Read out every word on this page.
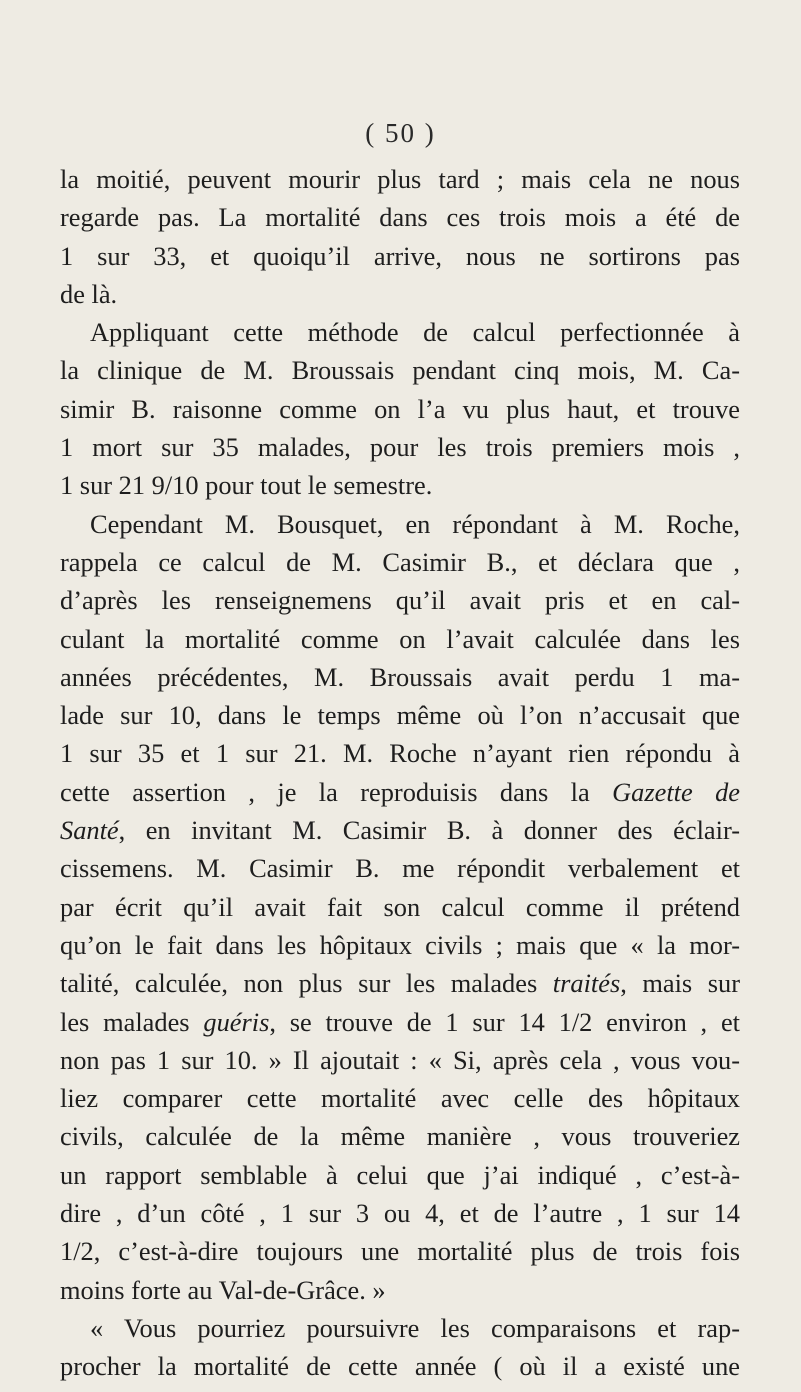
( 50 )
la moitié, peuvent mourir plus tard ; mais cela ne nous
regarde pas. La mortalité dans ces trois mois a été de
1 sur 33, et quoiqu’il arrive, nous ne sortirons pas
de là.
Appliquant cette méthode de calcul perfectionnée à
la clinique de M. Broussais pendant cinq mois, M. Ca-
simir B. raisonne comme on l’a vu plus haut, et trouve
1 mort sur 35 malades, pour les trois premiers mois ,
1 sur 21 9/10 pour tout le semestre.
Cependant M. Bousquet, en répondant à M. Roche,
rappela ce calcul de M. Casimir B., et déclara que ,
d’après les renseignemens qu’il avait pris et en cal-
culant la mortalité comme on l’avait calculée dans les
années précédentes, M. Broussais avait perdu 1 ma-
lade sur 10, dans le temps même où l’on n’accusait que
1 sur 35 et 1 sur 21. M. Roche n’ayant rien répondu à
cette assertion , je la reproduisis dans la Gazette de
Santé, en invitant M. Casimir B. à donner des éclair-
cissemens. M. Casimir B. me répondit verbalement et
par écrit qu’il avait fait son calcul comme il prétend
qu’on le fait dans les hôpitaux civils ; mais que « la mor-
talité, calculée, non plus sur les malades traités, mais sur
les malades guéris, se trouve de 1 sur 14 1/2 environ , et
non pas 1 sur 10. » Il ajoutait : « Si, après cela , vous vou-
liez comparer cette mortalité avec celle des hôpitaux
civils, calculée de la même manière , vous trouveriez
un rapport semblable à celui que j’ai indiqué , c’est-à-
dire , d’un côté , 1 sur 3 ou 4, et de l’autre , 1 sur 14
1/2, c’est-à-dire toujours une mortalité plus de trois fois
moins forte au Val-de-Grâce. »
« Vous pourriez poursuivre les comparaisons et rap-
procher la mortalité de cette année ( où il a existé une
